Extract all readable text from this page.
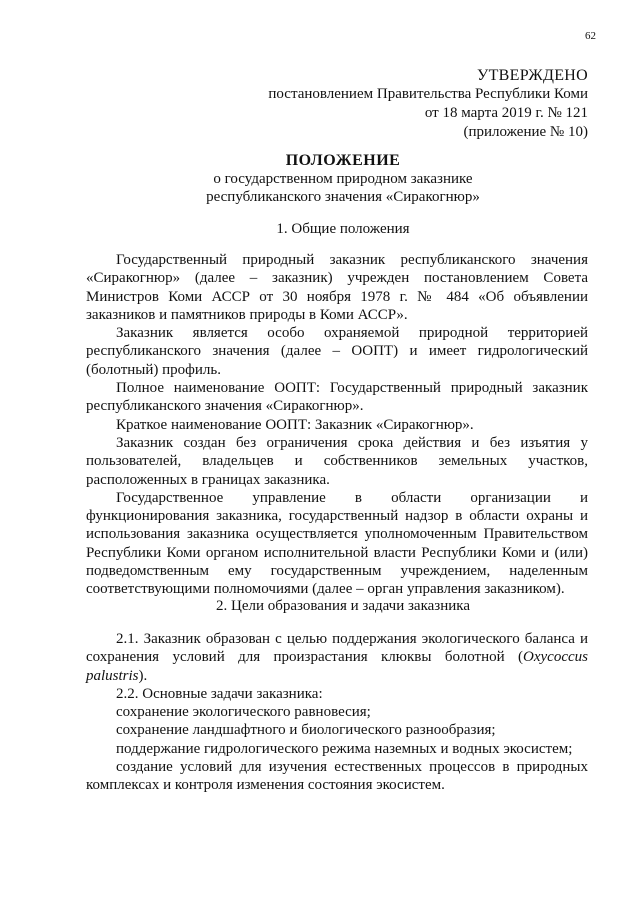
62
УТВЕРЖДЕНО
постановлением Правительства Республики Коми
от 18 марта 2019 г. № 121
(приложение № 10)
ПОЛОЖЕНИЕ
о государственном природном заказнике
республиканского значения «Сиракогнюр»
1. Общие положения

Государственный природный заказник республиканского значения «Сиракогнюр» (далее – заказник) учрежден постановлением Совета Министров Коми АССР от 30 ноября 1978 г. № 484 «Об объявлении заказников и памятников природы в Коми АССР».

Заказник является особо охраняемой природной территорией республиканского значения (далее – ООПТ) и имеет гидрологический (болотный) профиль.

Полное наименование ООПТ: Государственный природный заказник республиканского значения «Сиракогнюр».

Краткое наименование ООПТ: Заказник «Сиракогнюр».

Заказник создан без ограничения срока действия и без изъятия у пользователей, владельцев и собственников земельных участков, расположенных в границах заказника.

Государственное управление в области организации и функционирования заказника, государственный надзор в области охраны и использования заказника осуществляется уполномоченным Правительством Республики Коми органом исполнительной власти Республики Коми и (или) подведомственным ему государственным учреждением, наделенным соответствующими полномочиями (далее – орган управления заказником).

2. Цели образования и задачи заказника

2.1. Заказник образован с целью поддержания экологического баланса и сохранения условий для произрастания клюквы болотной (Oxycoccus palustris).

2.2. Основные задачи заказника:

сохранение экологического равновесия;

сохранение ландшафтного и биологического разнообразия;

поддержание гидрологического режима наземных и водных экосистем;

создание условий для изучения естественных процессов в природных комплексах и контроля изменения состояния экосистем.
